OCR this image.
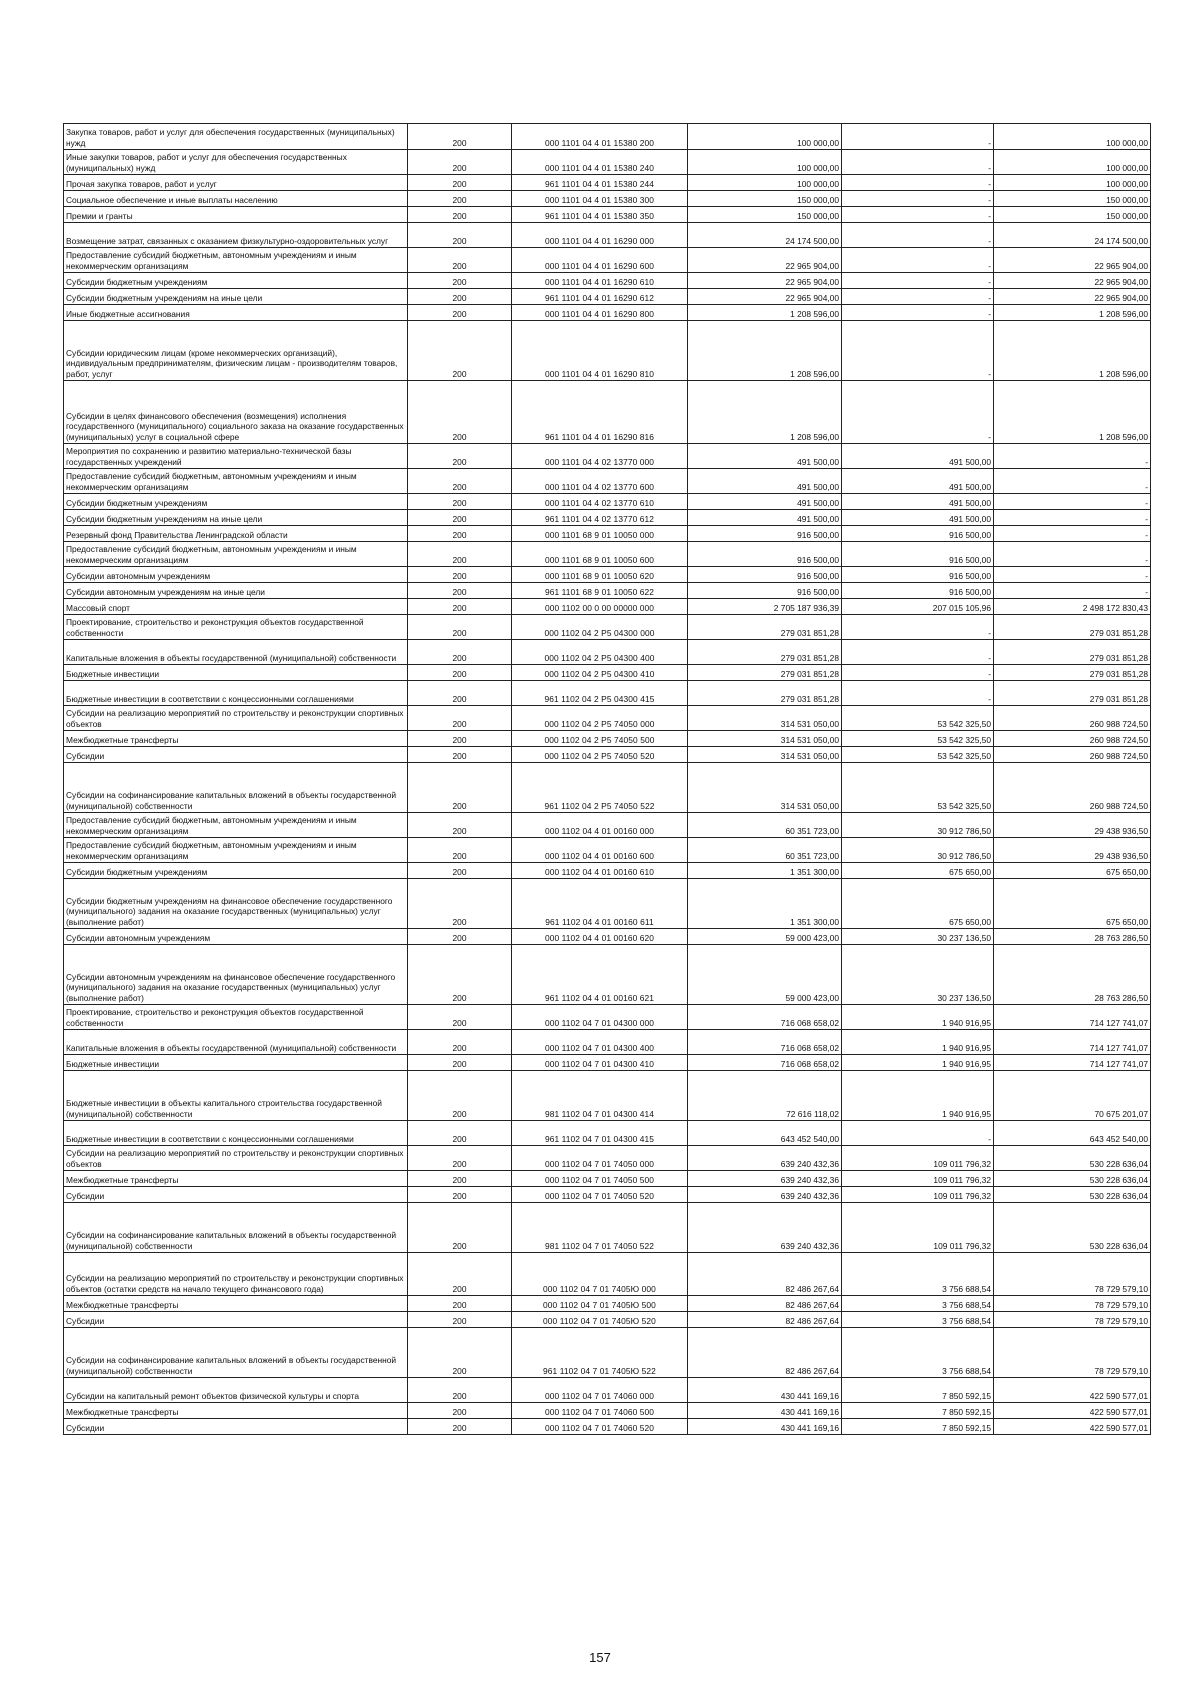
Закупка товаров, работ и услуг для обеспечения государственных (муниципальных) нужд	200	000 1101 04 4 01 15380 200	100 000,00	-	100 000,00
Иные закупки товаров, работ и услуг для обеспечения государственных (муниципальных) нужд	200	000 1101 04 4 01 15380 240	100 000,00	-	100 000,00
Прочая закупка товаров, работ и услуг	200	961 1101 04 4 01 15380 244	100 000,00	-	100 000,00
Социальное обеспечение и иные выплаты населению	200	000 1101 04 4 01 15380 300	150 000,00	-	150 000,00
Премии и гранты	200	961 1101 04 4 01 15380 350	150 000,00	-	150 000,00
Возмещение затрат, связанных с оказанием физкультурно-оздоровительных услуг	200	000 1101 04 4 01 16290 000	24 174 500,00	-	24 174 500,00
Предоставление субсидий бюджетным, автономным учреждениям и иным некоммерческим организациям	200	000 1101 04 4 01 16290 600	22 965 904,00	-	22 965 904,00
Субсидии бюджетным учреждениям	200	000 1101 04 4 01 16290 610	22 965 904,00	-	22 965 904,00
Субсидии бюджетным учреждениям на иные цели	200	961 1101 04 4 01 16290 612	22 965 904,00	-	22 965 904,00
Иные бюджетные ассигнования	200	000 1101 04 4 01 16290 800	1 208 596,00	-	1 208 596,00
Субсидии юридическим лицам (кроме некоммерческих организаций), индивидуальным предпринимателям, физическим лицам - производителям товаров, работ, услуг	200	000 1101 04 4 01 16290 810	1 208 596,00	-	1 208 596,00
Субсидии в целях финансового обеспечения (возмещения) исполнения государственного (муниципального) социального заказа на оказание государственных (муниципальных) услуг в социальной сфере	200	961 1101 04 4 01 16290 816	1 208 596,00	-	1 208 596,00
Мероприятия по сохранению и развитию материально-технической базы государственных учреждений	200	000 1101 04 4 02 13770 000	491 500,00	491 500,00	-
Предоставление субсидий бюджетным, автономным учреждениям и иным некоммерческим организациям	200	000 1101 04 4 02 13770 600	491 500,00	491 500,00	-
Субсидии бюджетным учреждениям	200	000 1101 04 4 02 13770 610	491 500,00	491 500,00	-
Субсидии бюджетным учреждениям на иные цели	200	961 1101 04 4 02 13770 612	491 500,00	491 500,00	-
Резервный фонд Правительства Ленинградской области	200	000 1101 68 9 01 10050 000	916 500,00	916 500,00	-
Предоставление субсидий бюджетным, автономным учреждениям и иным некоммерческим организациям	200	000 1101 68 9 01 10050 600	916 500,00	916 500,00	-
Субсидии автономным учреждениям	200	000 1101 68 9 01 10050 620	916 500,00	916 500,00	-
Субсидии автономным учреждениям на иные цели	200	961 1101 68 9 01 10050 622	916 500,00	916 500,00	-
Массовый спорт	200	000 1102 00 0 00 00000 000	2 705 187 936,39	207 015 105,96	2 498 172 830,43
Проектирование, строительство и реконструкция объектов государственной собственности	200	000 1102 04 2 P5 04300 000	279 031 851,28	-	279 031 851,28
Капитальные вложения в объекты государственной (муниципальной) собственности	200	000 1102 04 2 P5 04300 400	279 031 851,28	-	279 031 851,28
Бюджетные инвестиции	200	000 1102 04 2 P5 04300 410	279 031 851,28	-	279 031 851,28
Бюджетные инвестиции в соответствии с концессионными соглашениями	200	961 1102 04 2 P5 04300 415	279 031 851,28	-	279 031 851,28
Субсидии на реализацию мероприятий по строительству и реконструкции спортивных объектов	200	000 1102 04 2 P5 74050 000	314 531 050,00	53 542 325,50	260 988 724,50
Межбюджетные трансферты	200	000 1102 04 2 P5 74050 500	314 531 050,00	53 542 325,50	260 988 724,50
Субсидии	200	000 1102 04 2 P5 74050 520	314 531 050,00	53 542 325,50	260 988 724,50
Субсидии на софинансирование капитальных вложений в объекты государственной (муниципальной) собственности	200	961 1102 04 2 P5 74050 522	314 531 050,00	53 542 325,50	260 988 724,50
Предоставление субсидий бюджетным, автономным учреждениям и иным некоммерческим организациям	200	000 1102 04 4 01 00160 000	60 351 723,00	30 912 786,50	29 438 936,50
Предоставление субсидий бюджетным, автономным учреждениям и иным некоммерческим организациям	200	000 1102 04 4 01 00160 600	60 351 723,00	30 912 786,50	29 438 936,50
Субсидии бюджетным учреждениям	200	000 1102 04 4 01 00160 610	1 351 300,00	675 650,00	675 650,00
Субсидии бюджетным учреждениям на финансовое обеспечение государственного (муниципального) задания на оказание государственных (муниципальных) услуг (выполнение работ)	200	961 1102 04 4 01 00160 611	1 351 300,00	675 650,00	675 650,00
Субсидии автономным учреждениям	200	000 1102 04 4 01 00160 620	59 000 423,00	30 237 136,50	28 763 286,50
Субсидии автономным учреждениям на финансовое обеспечение государственного (муниципального) задания на оказание государственных (муниципальных) услуг (выполнение работ)	200	961 1102 04 4 01 00160 621	59 000 423,00	30 237 136,50	28 763 286,50
Проектирование, строительство и реконструкция объектов государственной собственности	200	000 1102 04 7 01 04300 000	716 068 658,02	1 940 916,95	714 127 741,07
Капитальные вложения в объекты государственной (муниципальной) собственности	200	000 1102 04 7 01 04300 400	716 068 658,02	1 940 916,95	714 127 741,07
Бюджетные инвестиции	200	000 1102 04 7 01 04300 410	716 068 658,02	1 940 916,95	714 127 741,07
Бюджетные инвестиции в объекты капитального строительства государственной (муниципальной) собственности	200	981 1102 04 7 01 04300 414	72 616 118,02	1 940 916,95	70 675 201,07
Бюджетные инвестиции в соответствии с концессионными соглашениями	200	961 1102 04 7 01 04300 415	643 452 540,00	-	643 452 540,00
Субсидии на реализацию мероприятий по строительству и реконструкции спортивных объектов	200	000 1102 04 7 01 74050 000	639 240 432,36	109 011 796,32	530 228 636,04
Межбюджетные трансферты	200	000 1102 04 7 01 74050 500	639 240 432,36	109 011 796,32	530 228 636,04
Субсидии	200	000 1102 04 7 01 74050 520	639 240 432,36	109 011 796,32	530 228 636,04
Субсидии на софинансирование капитальных вложений в объекты государственной (муниципальной) собственности	200	981 1102 04 7 01 74050 522	639 240 432,36	109 011 796,32	530 228 636,04
Субсидии на реализацию мероприятий по строительству и реконструкции спортивных объектов (остатки средств на начало текущего финансового года)	200	000 1102 04 7 01 7405Ю 000	82 486 267,64	3 756 688,54	78 729 579,10
Межбюджетные трансферты	200	000 1102 04 7 01 7405Ю 500	82 486 267,64	3 756 688,54	78 729 579,10
Субсидии	200	000 1102 04 7 01 7405Ю 520	82 486 267,64	3 756 688,54	78 729 579,10
Субсидии на софинансирование капитальных вложений в объекты государственной (муниципальной) собственности	200	961 1102 04 7 01 7405Ю 522	82 486 267,64	3 756 688,54	78 729 579,10
Субсидии на капитальный ремонт объектов физической культуры и спорта	200	000 1102 04 7 01 74060 000	430 441 169,16	7 850 592,15	422 590 577,01
Межбюджетные трансферты	200	000 1102 04 7 01 74060 500	430 441 169,16	7 850 592,15	422 590 577,01
Субсидии	200	000 1102 04 7 01 74060 520	430 441 169,16	7 850 592,15	422 590 577,01
157
